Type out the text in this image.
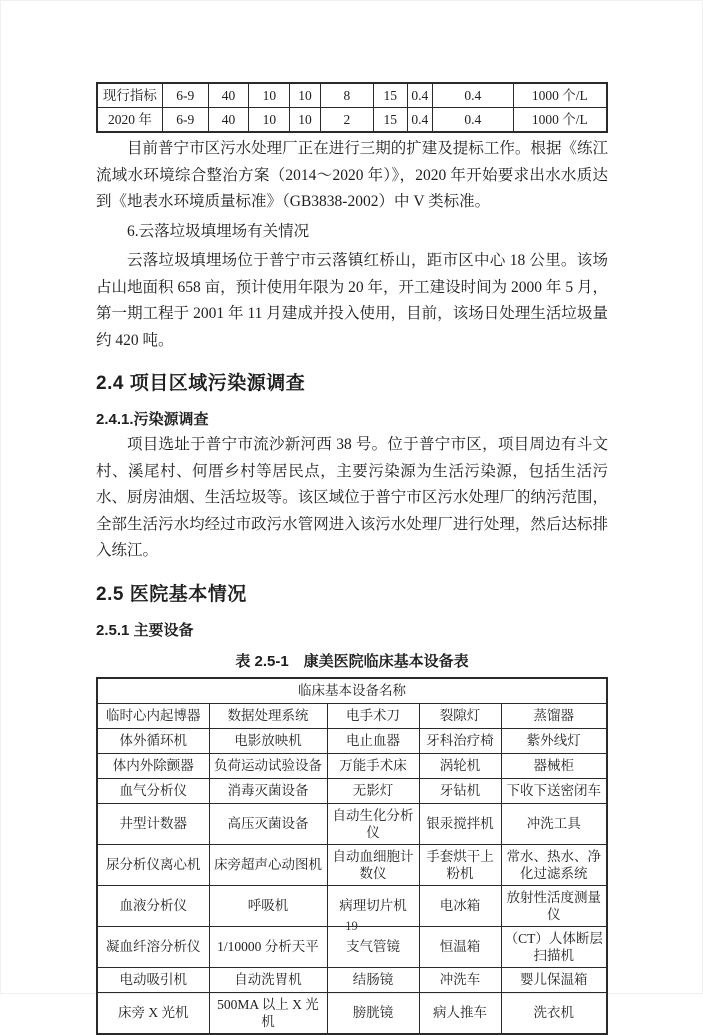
现行指标	6-9	40	10	10	8	15	0.4	0.4	1000 个/L
2020 年	6-9	40	10	10	2	15	0.4	0.4	1000 个/L

目前普宁市区污水处理厂正在进行三期的扩建及提标工作。根据《练江流域水环境综合整治方案（2014～2020 年）》，2020 年开始要求出水水质达到《地表水环境质量标准》（GB3838-2002）中 V 类标准。

6.云落垃圾填埋场有关情况

云落垃圾填埋场位于普宁市云落镇红桥山，距市区中心 18 公里。该场占山地面积 658 亩，预计使用年限为 20 年，开工建设时间为 2000 年 5 月，第一期工程于 2001 年 11 月建成并投入使用，目前，该场日处理生活垃圾量约 420 吨。

2.4 项目区域污染源调查
2.4.1.污染源调查

项目选址于普宁市流沙新河西 38 号。位于普宁市区，项目周边有斗文村、溪尾村、何厝乡村等居民点，主要污染源为生活污染源，包括生活污水、厨房油烟、生活垃圾等。该区域位于普宁市区污水处理厂的纳污范围，全部生活污水均经过市政污水管网进入该污水处理厂进行处理，然后达标排入练江。

2.5 医院基本情况
2.5.1 主要设备
表 2.5-1　康美医院临床基本设备表
临床基本设备名称				
临时心内起博器	数据处理系统	电手术刀	裂隙灯	蒸馏器
体外循环机	电影放映机	电止血器	牙科治疗椅	紫外线灯
体内外除颤器	负荷运动试验设备	万能手术床	涡轮机	器械柜
血气分析仪	消毒灭菌设备	无影灯	牙钻机	下收下送密闭车
井型计数器	高压灭菌设备	自动生化分析仪	银汞搅拌机	冲洗工具
尿分析仪离心机	床旁超声心动图机	自动血细胞计数仪	手套烘干上粉机	常水、热水、净化过滤系统
血液分析仪	呼吸机	病理切片机	电冰箱	放射性活度测量仪
凝血纤溶分析仪	1/10000 分析天平	支气管镜	恒温箱	（CT）人体断层扫描机
电动吸引机	自动洗胃机	结肠镜	冲洗车	婴儿保温箱
床旁 X 光机	500MA 以上 X 光机	膀胱镜	病人推车	洗衣机
19
